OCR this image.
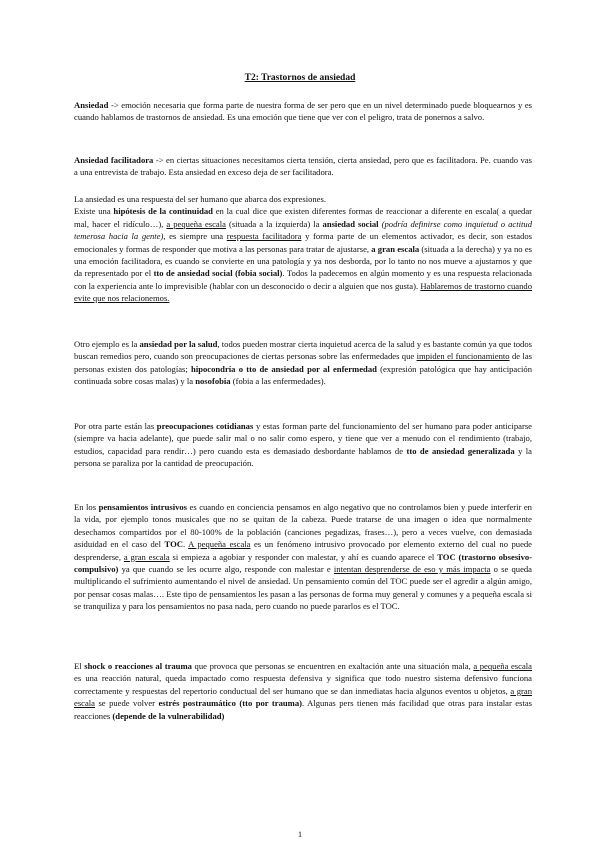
T2: Trastornos de ansiedad

Ansiedad -> emoción necesaria que forma parte de nuestra forma de ser pero que en un nivel determinado puede bloquearnos y es cuando hablamos de trastornos de ansiedad. Es una emoción que tiene que ver con el peligro, trata de ponernos a salvo.

Ansiedad facilitadora -> en ciertas situaciones necesitamos cierta tensión, cierta ansiedad, pero que es facilitadora. Pe. cuando vas a una entrevista de trabajo. Esta ansiedad en exceso deja de ser facilitadora.

La ansiedad es una respuesta del ser humano que abarca dos expresiones.
Existe una hipótesis de la continuidad en la cual dice que existen diferentes formas de reaccionar a diferente en escala( a quedar mal, hacer el ridículo…), a pequeña escala (situada a la izquierda) la ansiedad social (podría definirse como inquietud o actitud temerosa hacia la gente), es siempre una respuesta facilitadora y forma parte de un elementos activador, es decir, son estados emocionales y formas de responder que motiva a las personas para tratar de ajustarse, a gran escala (situada a la derecha) y ya no es una emoción facilitadora, es cuando se convierte en una patología y ya nos desborda, por lo tanto no nos mueve a ajustarnos y que da representado por el tto de ansiedad social (fobia social). Todos la padecemos en algún momento y es una respuesta relacionada con la experiencia ante lo imprevisible (hablar con un desconocido o decir a alguien que nos gusta). Hablaremos de trastorno cuando evite que nos relacionemos.

Otro ejemplo es la ansiedad por la salud, todos pueden mostrar cierta inquietud acerca de la salud y es bastante común ya que todos buscan remedios pero, cuando son preocupaciones de ciertas personas sobre las enfermedades que impiden el funcionamiento de las personas existen dos patologías; hipocondría o tto de ansiedad por al enfermedad (expresión patológica que hay anticipación continuada sobre cosas malas) y la nosofobia (fobia a las enfermedades).

Por otra parte están las preocupaciones cotidianas y estas forman parte del funcionamiento del ser humano para poder anticiparse (siempre va hacia adelante), que puede salir mal o no salir como espero, y tiene que ver a menudo con el rendimiento (trabajo, estudios, capacidad para rendir…) pero cuando esta es demasiado desbordante hablamos de tto de ansiedad generalizada y la persona se paraliza por la cantidad de preocupación.

En los pensamientos intrusivos es cuando en conciencia pensamos en algo negativo que no controlamos bien y puede interferir en la vida, por ejemplo tonos musicales que no se quitan de la cabeza. Puede tratarse de una imagen o idea que normalmente desechamos compartidos por el 80-100% de la población (canciones pegadizas, frases…), pero a veces vuelve, con demasiada asiduidad en el caso del TOC. A pequeña escala es un fenómeno intrusivo provocado por elemento externo del cual no puede desprenderse, a gran escala si empieza a agobiar y responder con malestar, y ahí es cuando aparece el TOC (trastorno obsesivo-compulsivo) ya que cuando se les ocurre algo, responde con malestar e intentan desprenderse de eso y más impacta o se queda multiplicando el sufrimiento aumentando el nivel de ansiedad. Un pensamiento común del TOC puede ser el agredir a algún amigo, por pensar cosas malas…. Este tipo de pensamientos les pasan a las personas de forma muy general y comunes y a pequeña escala si se tranquiliza y para los pensamientos no pasa nada, pero cuando no puede pararlos es el TOC.

El shock o reacciones al trauma que provoca que personas se encuentren en exaltación ante una situación mala, a pequeña escala es una reacción natural, queda impactado como respuesta defensiva y significa que todo nuestro sistema defensivo funciona correctamente y respuestas del repertorio conductual del ser humano que se dan inmediatas hacia algunos eventos u objetos, a gran escala se puede volver estrés postraumático (tto por trauma). Algunas pers tienen más facilidad que otras para instalar estas reacciones (depende de la vulnerabilidad)

1
